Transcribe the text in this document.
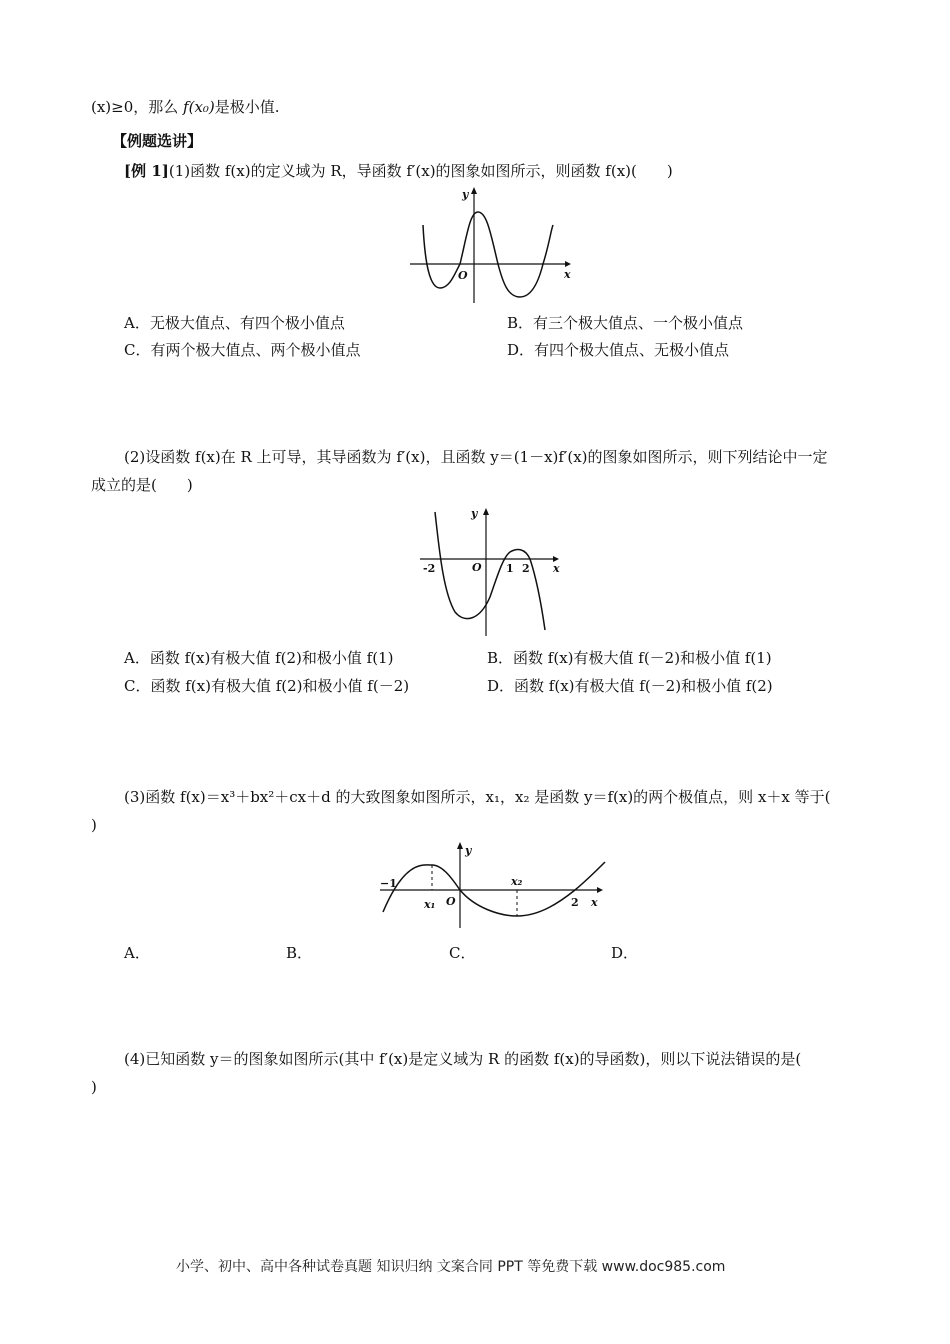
(x)≥0，那么 f(x₀)是极小值.
【例题选讲】
[例 1](1)函数 f(x)的定义域为 R，导函数 f′(x)的图象如图所示，则函数 f(x)(　　)
y
x
O
A．无极大值点、有四个极小值点	B．有三个极大值点、一个极小值点
C．有两个极大值点、两个极小值点	D．有四个极大值点、无极小值点
(2)设函数 f(x)在 R 上可导，其导函数为 f′(x)，且函数 y＝(1－x)f′(x)的图象如图所示，则下列结论中一定
成立的是(　　)
y
x
O
-2	1 2
A．函数 f(x)有极大值 f(2)和极小值 f(1)	B．函数 f(x)有极大值 f(－2)和极小值 f(1)
C．函数 f(x)有极大值 f(2)和极小值 f(－2)	D．函数 f(x)有极大值 f(－2)和极小值 f(2)
(3)函数 f(x)＝x³＋bx²＋cx＋d 的大致图象如图所示，x₁，x₂ 是函数 y＝f(x)的两个极值点，则 x＋x 等于(
)
y
x
O
−1
2
x₁
x₂
A．	B．	C．	D．
(4)已知函数 y＝的图象如图所示(其中 f′(x)是定义域为 R 的函数 f(x)的导函数)，则以下说法错误的是(
)
小学、初中、高中各种试卷真题 知识归纳 文案合同 PPT 等免费下载 www.doc985.com
